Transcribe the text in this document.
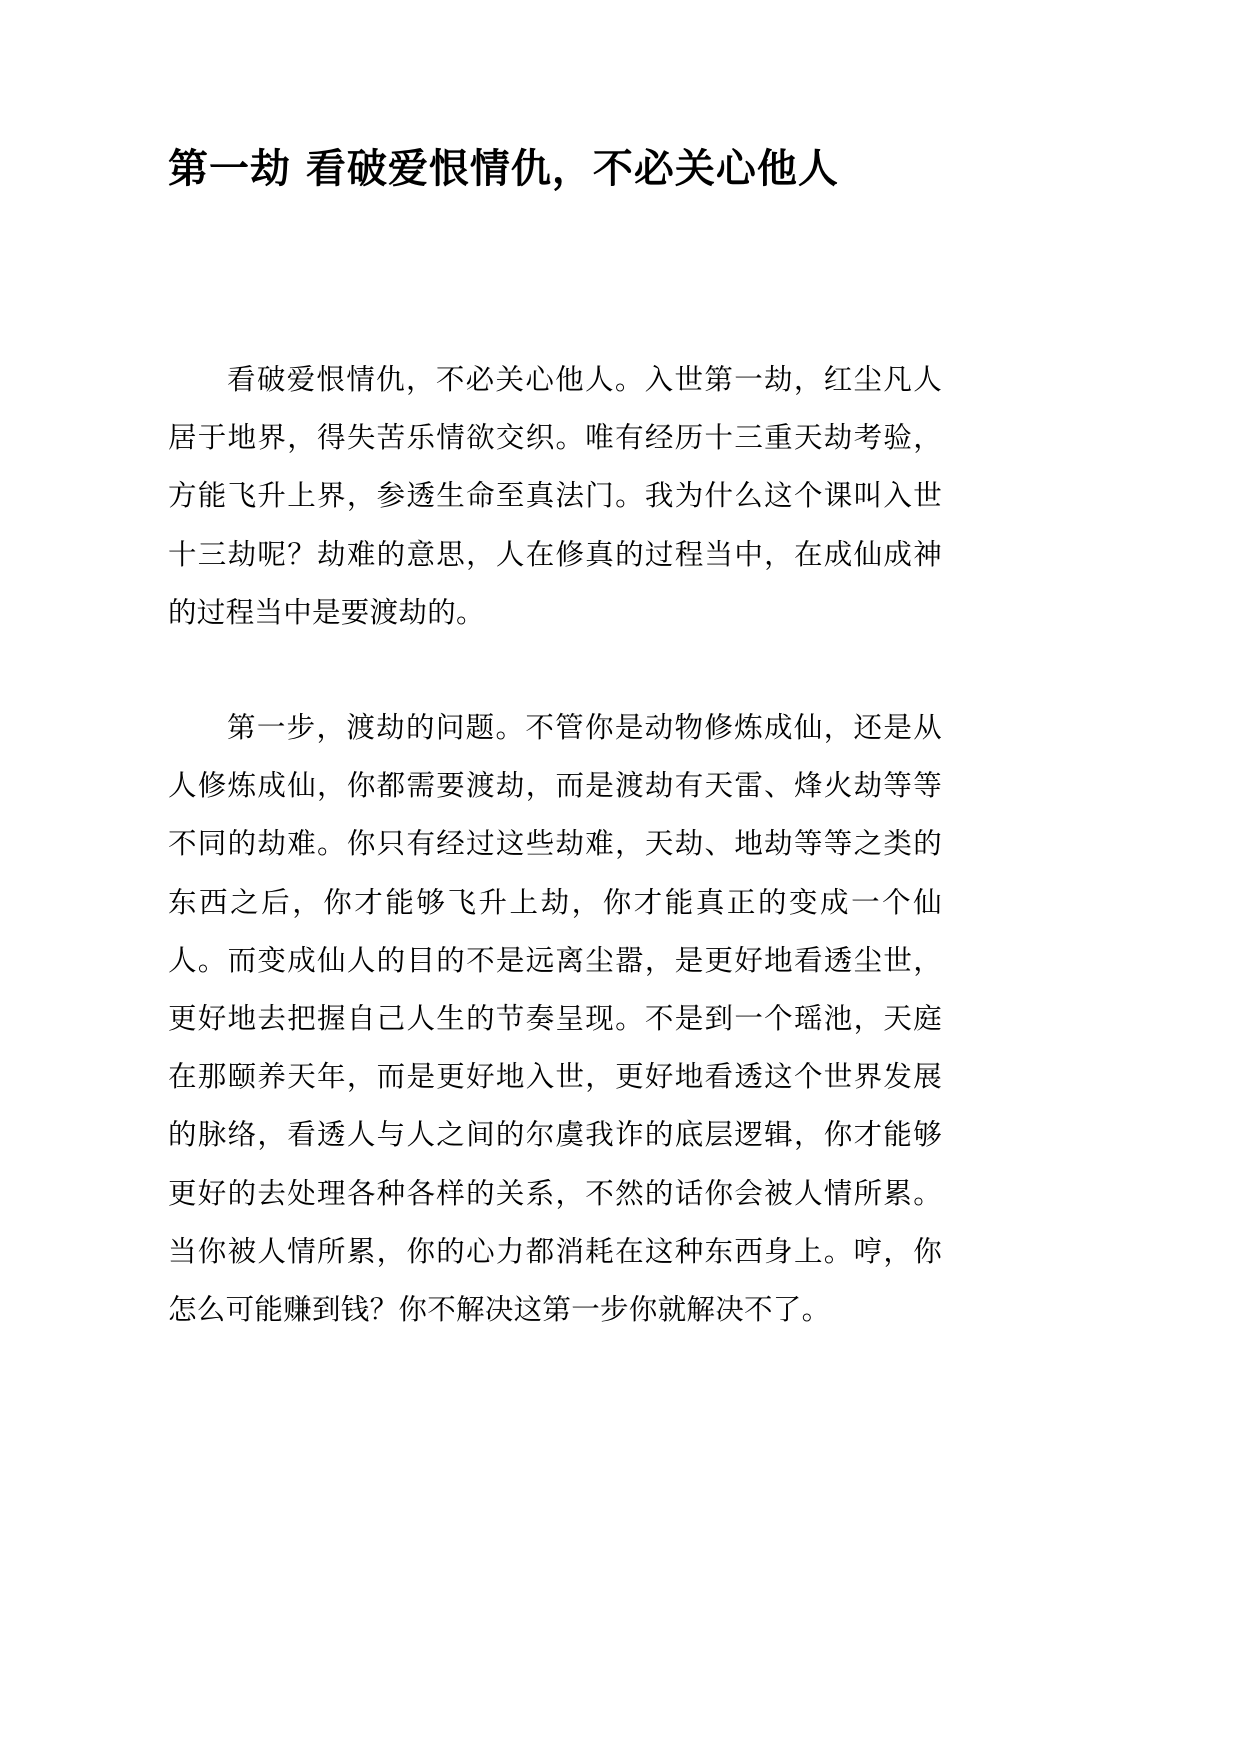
第一劫 看破爱恨情仇，不必关心他人

看破爱恨情仇，不必关心他人。入世第一劫，红尘凡人居于地界，得失苦乐情欲交织。唯有经历十三重天劫考验，方能飞升上界，参透生命至真法门。我为什么这个课叫入世十三劫呢？劫难的意思，人在修真的过程当中，在成仙成神的过程当中是要渡劫的。

第一步，渡劫的问题。不管你是动物修炼成仙，还是从人修炼成仙，你都需要渡劫，而是渡劫有天雷、烽火劫等等不同的劫难。你只有经过这些劫难，天劫、地劫等等之类的东西之后，你才能够飞升上劫，你才能真正的变成一个仙人。而变成仙人的目的不是远离尘嚣，是更好地看透尘世，更好地去把握自己人生的节奏呈现。不是到一个瑶池，天庭在那颐养天年，而是更好地入世，更好地看透这个世界发展的脉络，看透人与人之间的尔虞我诈的底层逻辑，你才能够更好的去处理各种各样的关系，不然的话你会被人情所累。当你被人情所累，你的心力都消耗在这种东西身上。哼，你怎么可能赚到钱？你不解决这第一步你就解决不了。
